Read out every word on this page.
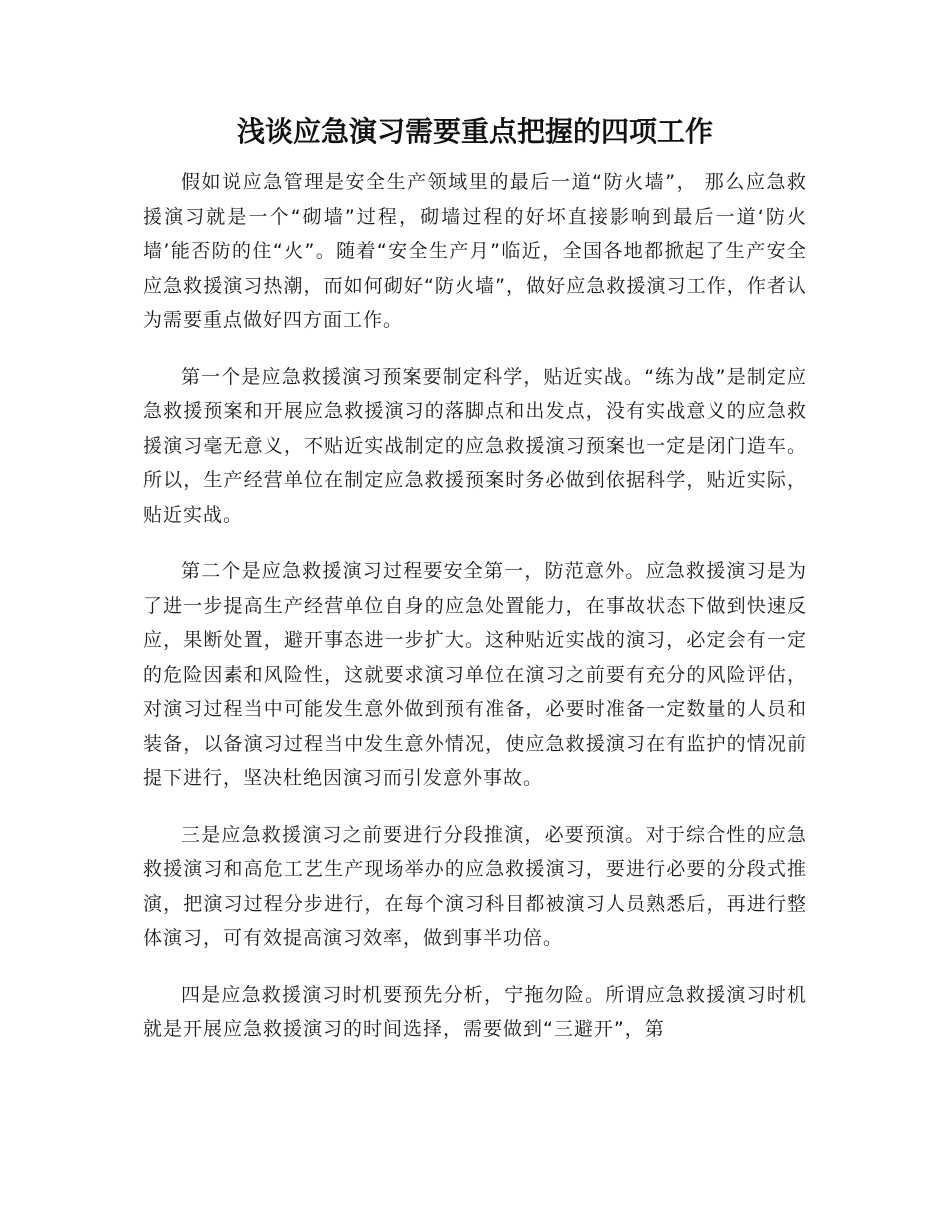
浅谈应急演习需要重点把握的四项工作

假如说应急管理是安全生产领域里的最后一道“防火墙”， 那么应急救援演习就是一个“砌墙”过程，砌墙过程的好坏直接影响到最后一道‘防火墙’能否防的住“火”。随着“安全生产月”临近，全国各地都掀起了生产安全应急救援演习热潮，而如何砌好“防火墙”，做好应急救援演习工作，作者认为需要重点做好四方面工作。

第一个是应急救援演习预案要制定科学，贴近实战。“练为战”是制定应急救援预案和开展应急救援演习的落脚点和出发点，没有实战意义的应急救援演习毫无意义，不贴近实战制定的应急救援演习预案也一定是闭门造车。所以，生产经营单位在制定应急救援预案时务必做到依据科学，贴近实际，贴近实战。

第二个是应急救援演习过程要安全第一，防范意外。应急救援演习是为了进一步提高生产经营单位自身的应急处置能力，在事故状态下做到快速反应，果断处置，避开事态进一步扩大。这种贴近实战的演习，必定会有一定的危险因素和风险性，这就要求演习单位在演习之前要有充分的风险评估，对演习过程当中可能发生意外做到预有准备，必要时准备一定数量的人员和装备，以备演习过程当中发生意外情况，使应急救援演习在有监护的情况前提下进行，坚决杜绝因演习而引发意外事故。

三是应急救援演习之前要进行分段推演，必要预演。对于综合性的应急救援演习和高危工艺生产现场举办的应急救援演习，要进行必要的分段式推演，把演习过程分步进行，在每个演习科目都被演习人员熟悉后，再进行整体演习，可有效提高演习效率，做到事半功倍。

四是应急救援演习时机要预先分析，宁拖勿险。所谓应急救援演习时机就是开展应急救援演习的时间选择，需要做到“三避开”，第
